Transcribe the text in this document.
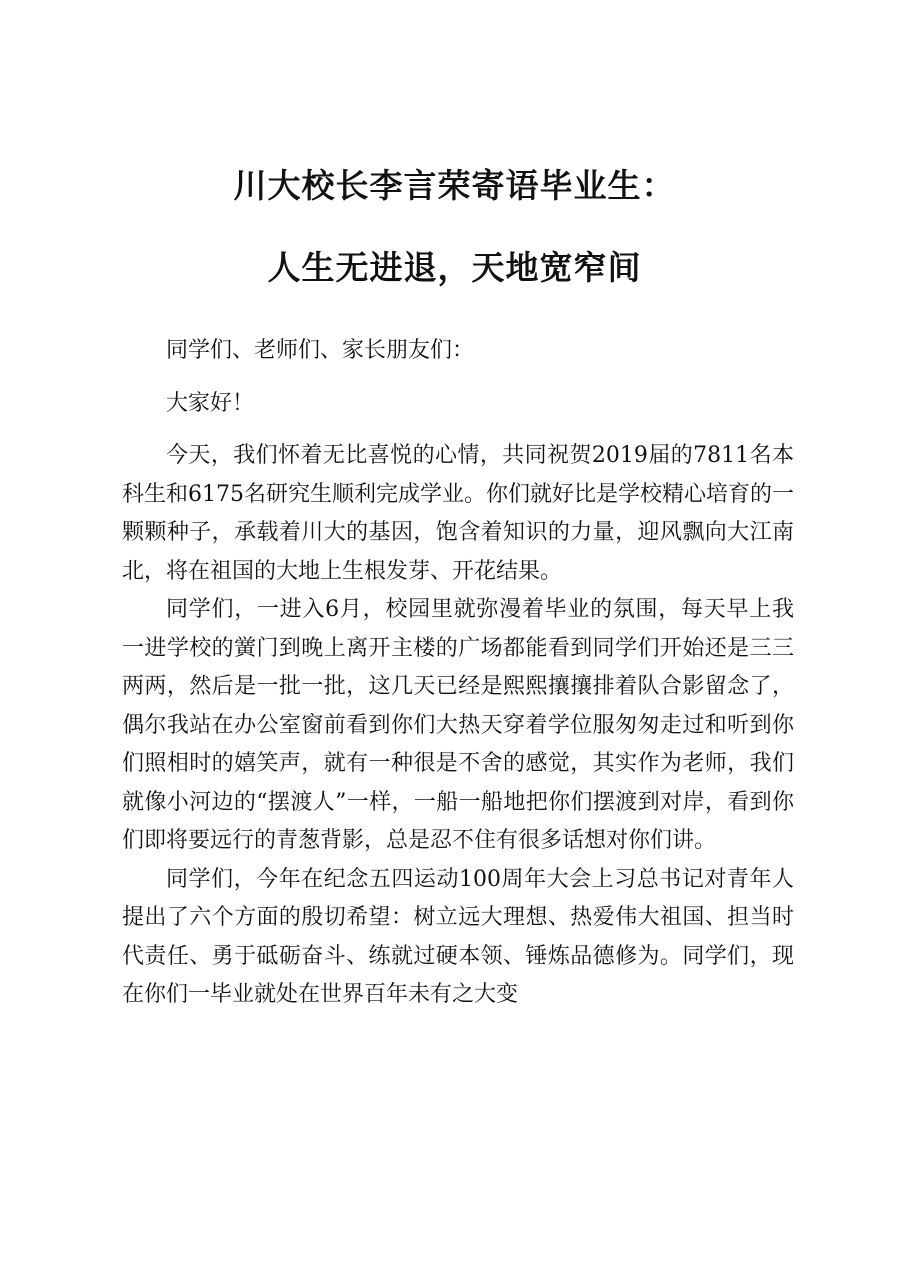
川大校长李言荣寄语毕业生：
人生无进退，天地宽窄间

同学们、老师们、家长朋友们：

大家好！

今天，我们怀着无比喜悦的心情，共同祝贺2019届的7811名本科生和6175名研究生顺利完成学业。你们就好比是学校精心培育的一颗颗种子，承载着川大的基因，饱含着知识的力量，迎风飘向大江南北，将在祖国的大地上生根发芽、开花结果。

同学们，一进入6月，校园里就弥漫着毕业的氛围，每天早上我一进学校的黉门到晚上离开主楼的广场都能看到同学们开始还是三三两两，然后是一批一批，这几天已经是熙熙攘攘排着队合影留念了，偶尔我站在办公室窗前看到你们大热天穿着学位服匆匆走过和听到你们照相时的嬉笑声，就有一种很是不舍的感觉，其实作为老师，我们就像小河边的“摆渡人”一样，一船一船地把你们摆渡到对岸，看到你们即将要远行的青葱背影，总是忍不住有很多话想对你们讲。

同学们，今年在纪念五四运动100周年大会上习总书记对青年人提出了六个方面的殷切希望：树立远大理想、热爱伟大祖国、担当时代责任、勇于砥砺奋斗、练就过硬本领、锤炼品德修为。同学们，现在你们一毕业就处在世界百年未有之大变
